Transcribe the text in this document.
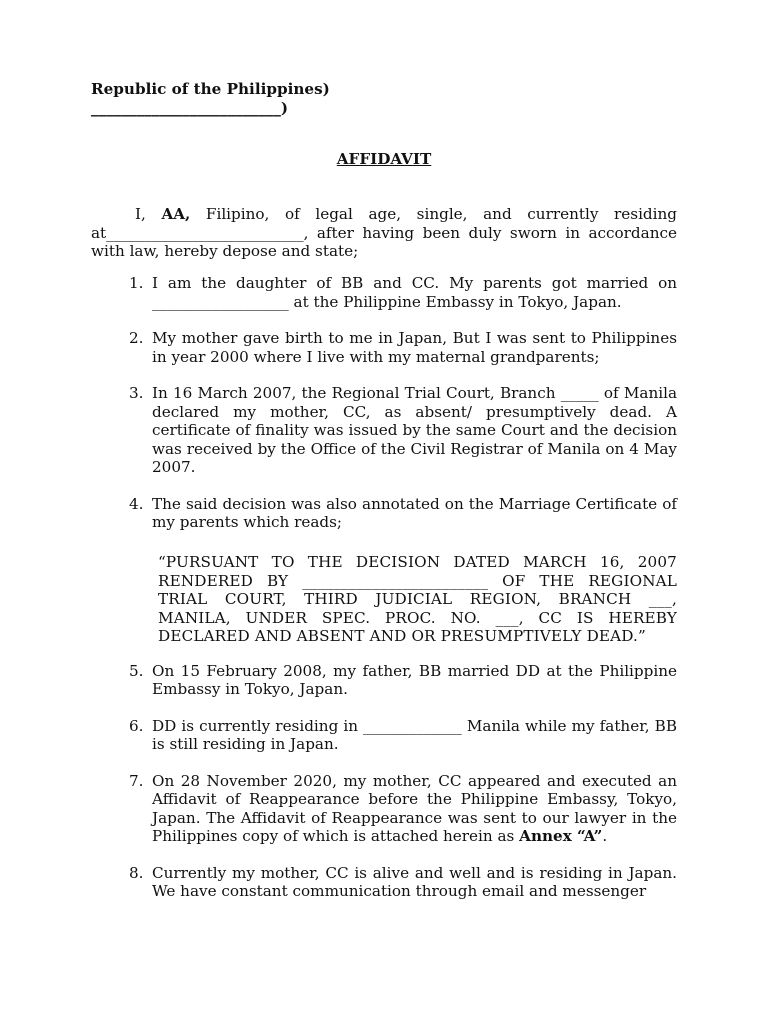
Republic of the Philippines)
_________________________)
AFFIDAVIT
I, AA, Filipino, of legal age, single, and currently residing at__________________________, after having been duly sworn in accordance with law, hereby depose and state;
1. I am the daughter of BB and CC. My parents got married on __________________ at the Philippine Embassy in Tokyo, Japan.
2. My mother gave birth to me in Japan, But I was sent to Philippines in year 2000 where I live with my maternal grandparents;
3. In 16 March 2007, the Regional Trial Court, Branch _____ of Manila declared my mother, CC, as absent/ presumptively dead. A certificate of finality was issued by the same Court and the decision was received by the Office of the Civil Registrar of Manila on 4 May 2007.
4. The said decision was also annotated on the Marriage Certificate of my parents which reads;
5. On 15 February 2008, my father, BB married DD at the Philippine Embassy in Tokyo, Japan.
6. DD is currently residing in _____________ Manila while my father, BB is still residing in Japan.
7. On 28 November 2020, my mother, CC appeared and executed an Affidavit of Reappearance before the Philippine Embassy, Tokyo, Japan. The Affidavit of Reappearance was sent to our lawyer in the Philippines copy of which is attached herein as Annex “A”.
8. Currently my mother, CC is alive and well and is residing in Japan. We have constant communication through email and messenger
“PURSUANT TO THE DECISION DATED MARCH 16, 2007 RENDERED BY ________________________ OF THE REGIONAL TRIAL COURT, THIRD JUDICIAL REGION, BRANCH ___, MANILA, UNDER SPEC. PROC. NO. ___, CC IS HEREBY DECLARED AND ABSENT AND OR PRESUMPTIVELY DEAD.”
